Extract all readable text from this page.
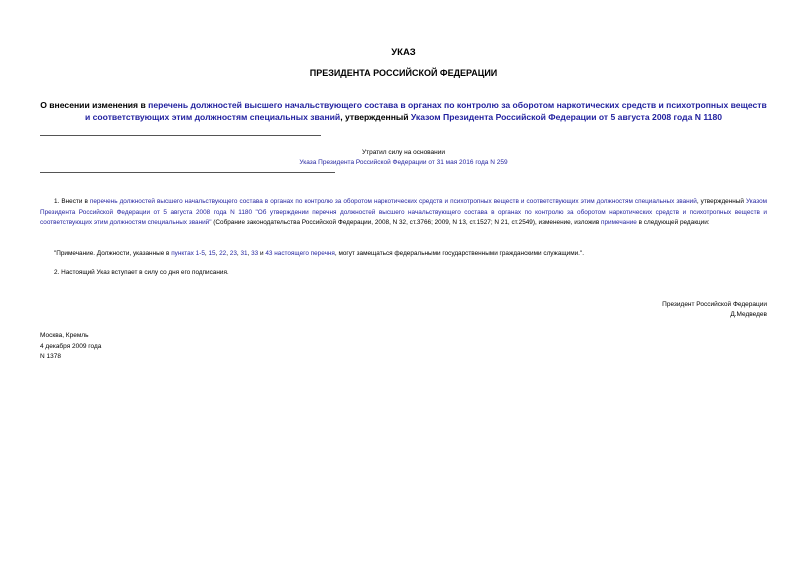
УКАЗ
ПРЕЗИДЕНТА РОССИЙСКОЙ ФЕДЕРАЦИИ
О внесении изменения в перечень должностей высшего начальствующего состава в органах по контролю за оборотом наркотических средств и психотропных веществ и соответствующих этим должностям специальных званий, утвержденный Указом Президента Российской Федерации от 5 августа 2008 года N 1180
Утратил силу на основании
Указа Президента Российской Федерации от 31 мая 2016 года N 259
1. Внести в перечень должностей высшего начальствующего состава в органах по контролю за оборотом наркотических средств и психотропных веществ и соответствующих этим должностям специальных званий, утвержденный Указом Президента Российской Федерации от 5 августа 2008 года N 1180 "Об утверждении перечня должностей высшего начальствующего состава в органах по контролю за оборотом наркотических средств и психотропных веществ и соответствующих этим должностям специальных званий" (Собрание законодательства Российской Федерации, 2008, N 32, ст.3766; 2009, N 13, ст.1527; N 21, ст.2549), изменение, изложив примечание в следующей редакции:
"Примечание. Должности, указанные в пунктах 1-5, 15, 22, 23, 31, 33 и 43 настоящего перечня, могут замещаться федеральными государственными гражданскими служащими.".
2. Настоящий Указ вступает в силу со дня его подписания.
Президент Российской Федерации
Д.Медведев
Москва, Кремль
4 декабря 2009 года
N 1378
